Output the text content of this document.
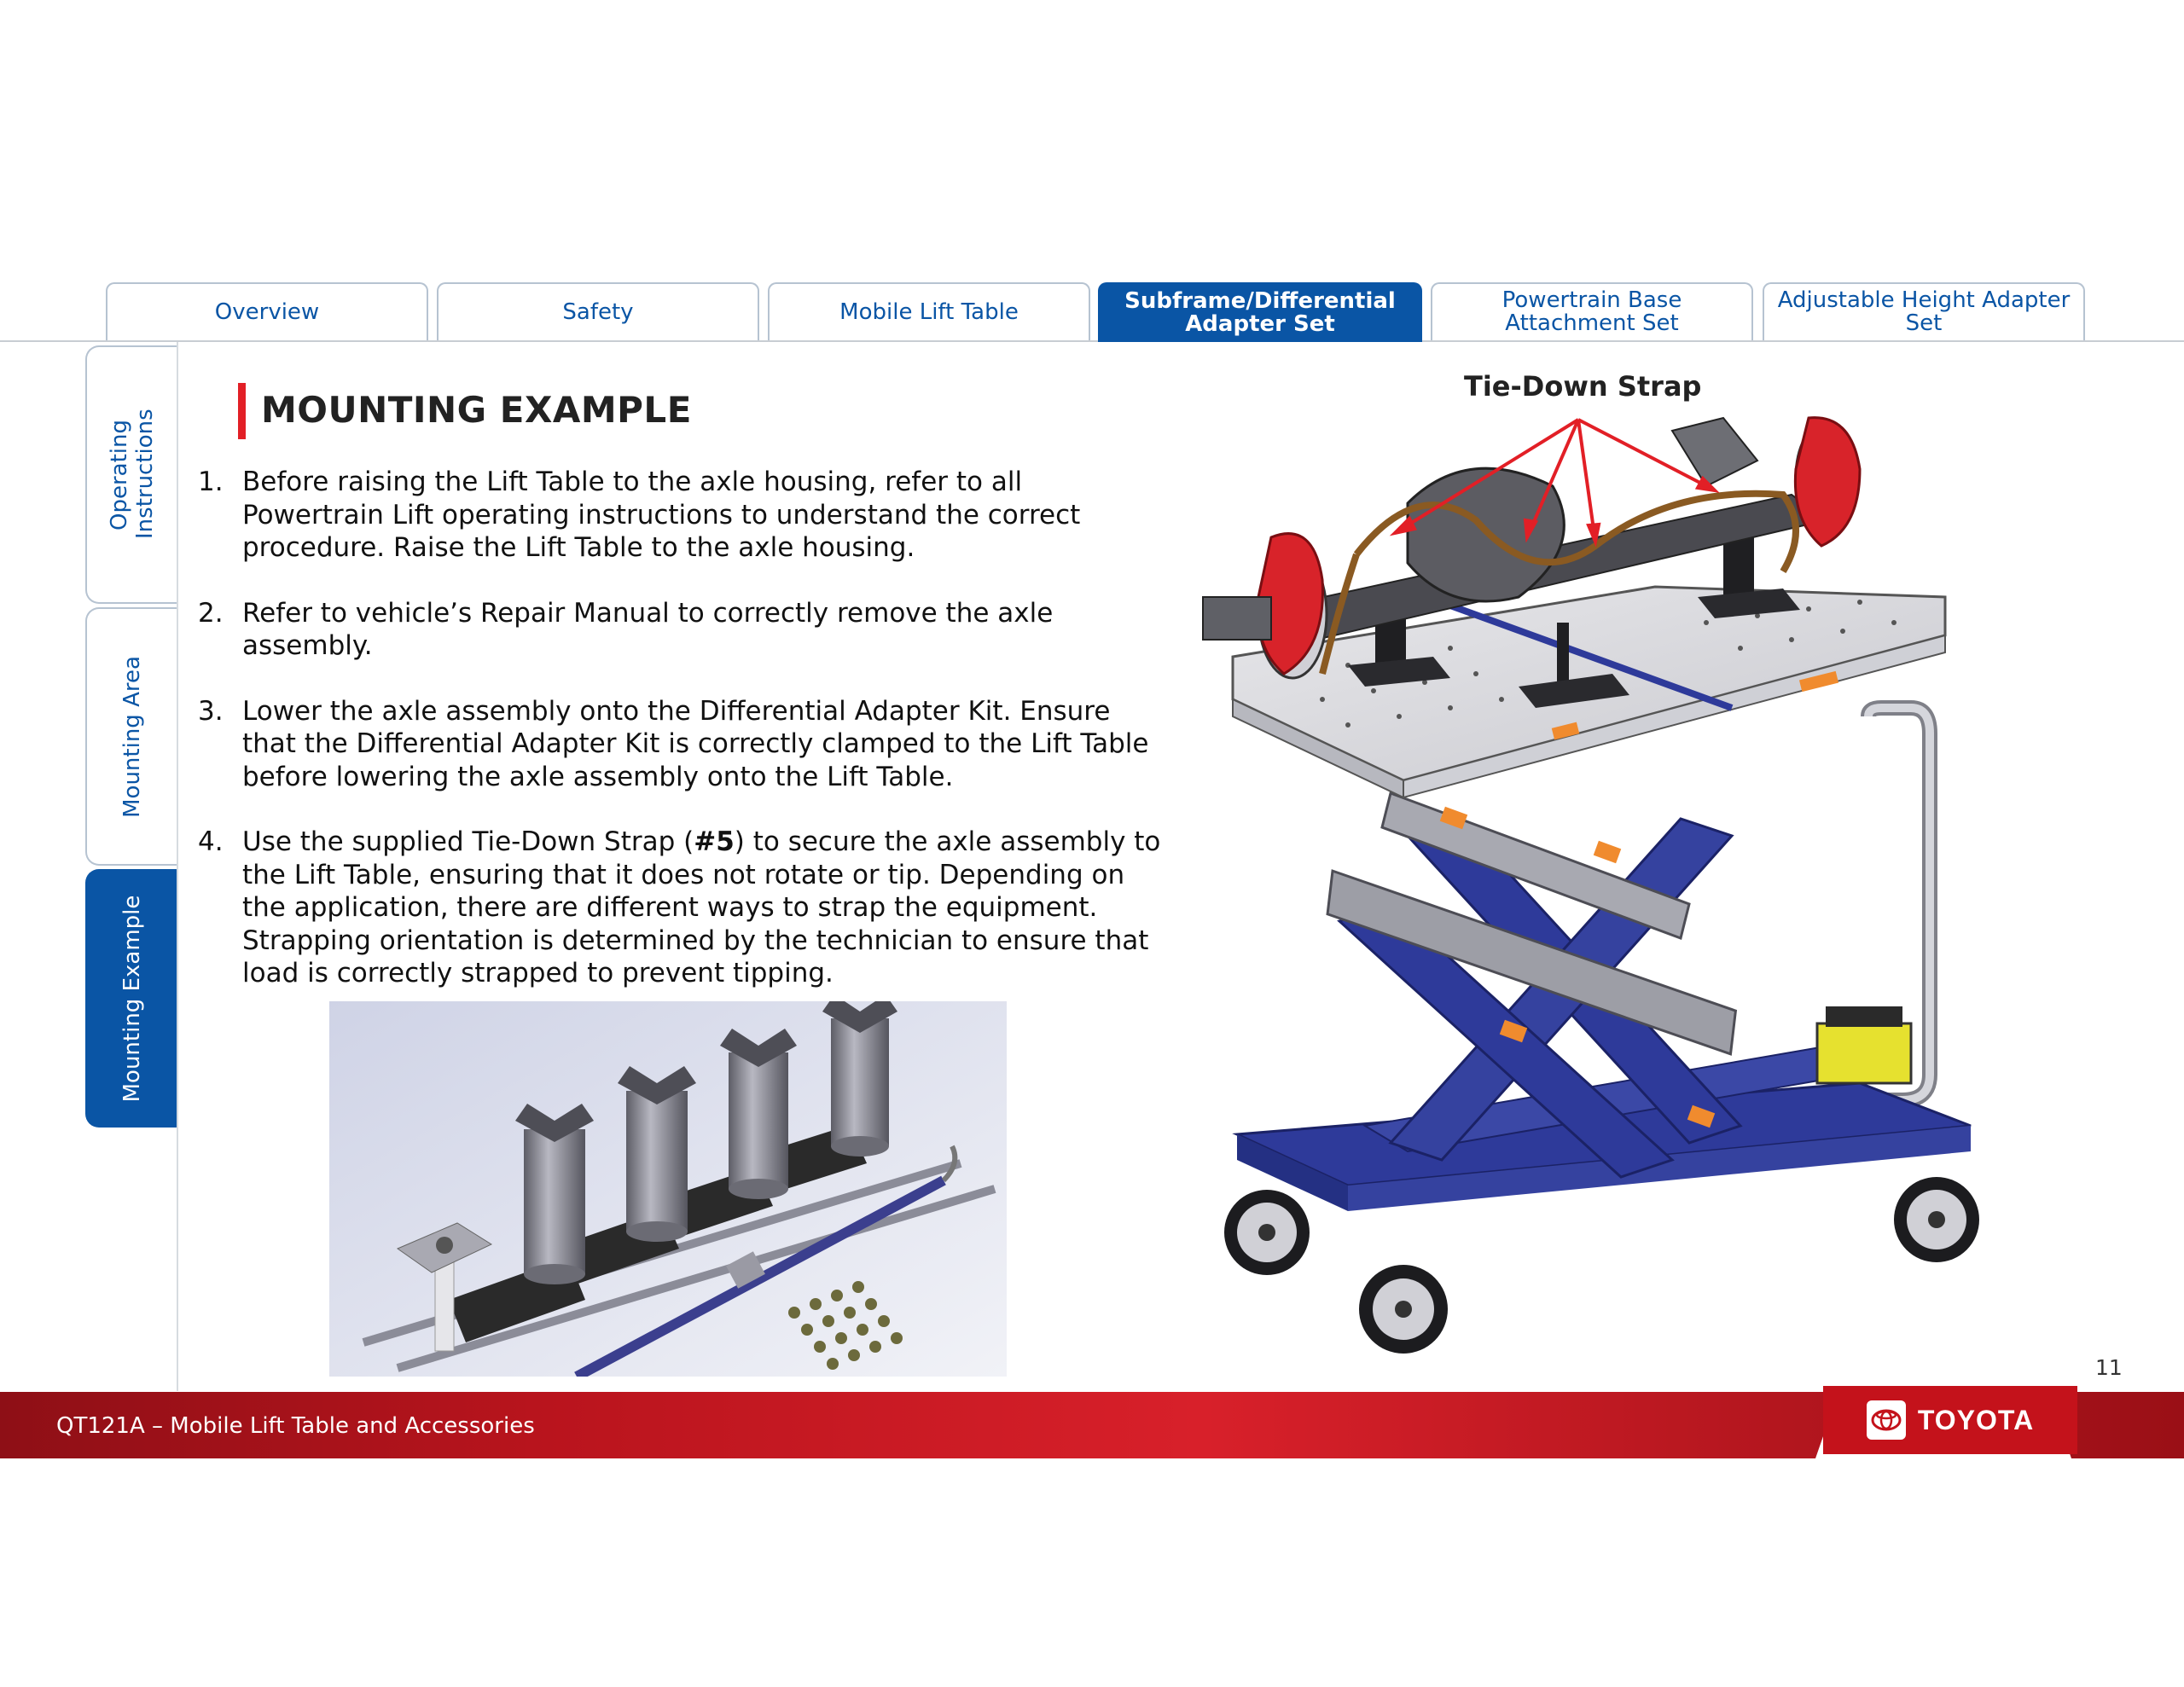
Overview	Safety	Mobile Lift Table	Subframe/Differential Adapter Set
Powertrain Base Attachment Set
Adjustable Height Adapter Set
Operating Instructions
Mounting Area
Mounting Example
MOUNTING EXAMPLE
1. Before raising the Lift Table to the axle housing, refer to all Powertrain Lift operating instructions to understand the correct procedure. Raise the Lift Table to the axle housing.
2. Refer to vehicle’s Repair Manual to correctly remove the axle assembly.
3. Lower the axle assembly onto the Differential Adapter Kit. Ensure that the Differential Adapter Kit is correctly clamped to the Lift Table before lowering the axle assembly onto the Lift Table.
4. Use the supplied Tie-Down Strap (#5) to secure the axle assembly to the Lift Table, ensuring that it does not rotate or tip. Depending on the application, there are different ways to strap the equipment. Strapping orientation is determined by the technician to ensure that load is correctly strapped to prevent tipping.
Tie-Down Strap
QT121A – Mobile Lift Table and Accessories
11
TOYOTA
